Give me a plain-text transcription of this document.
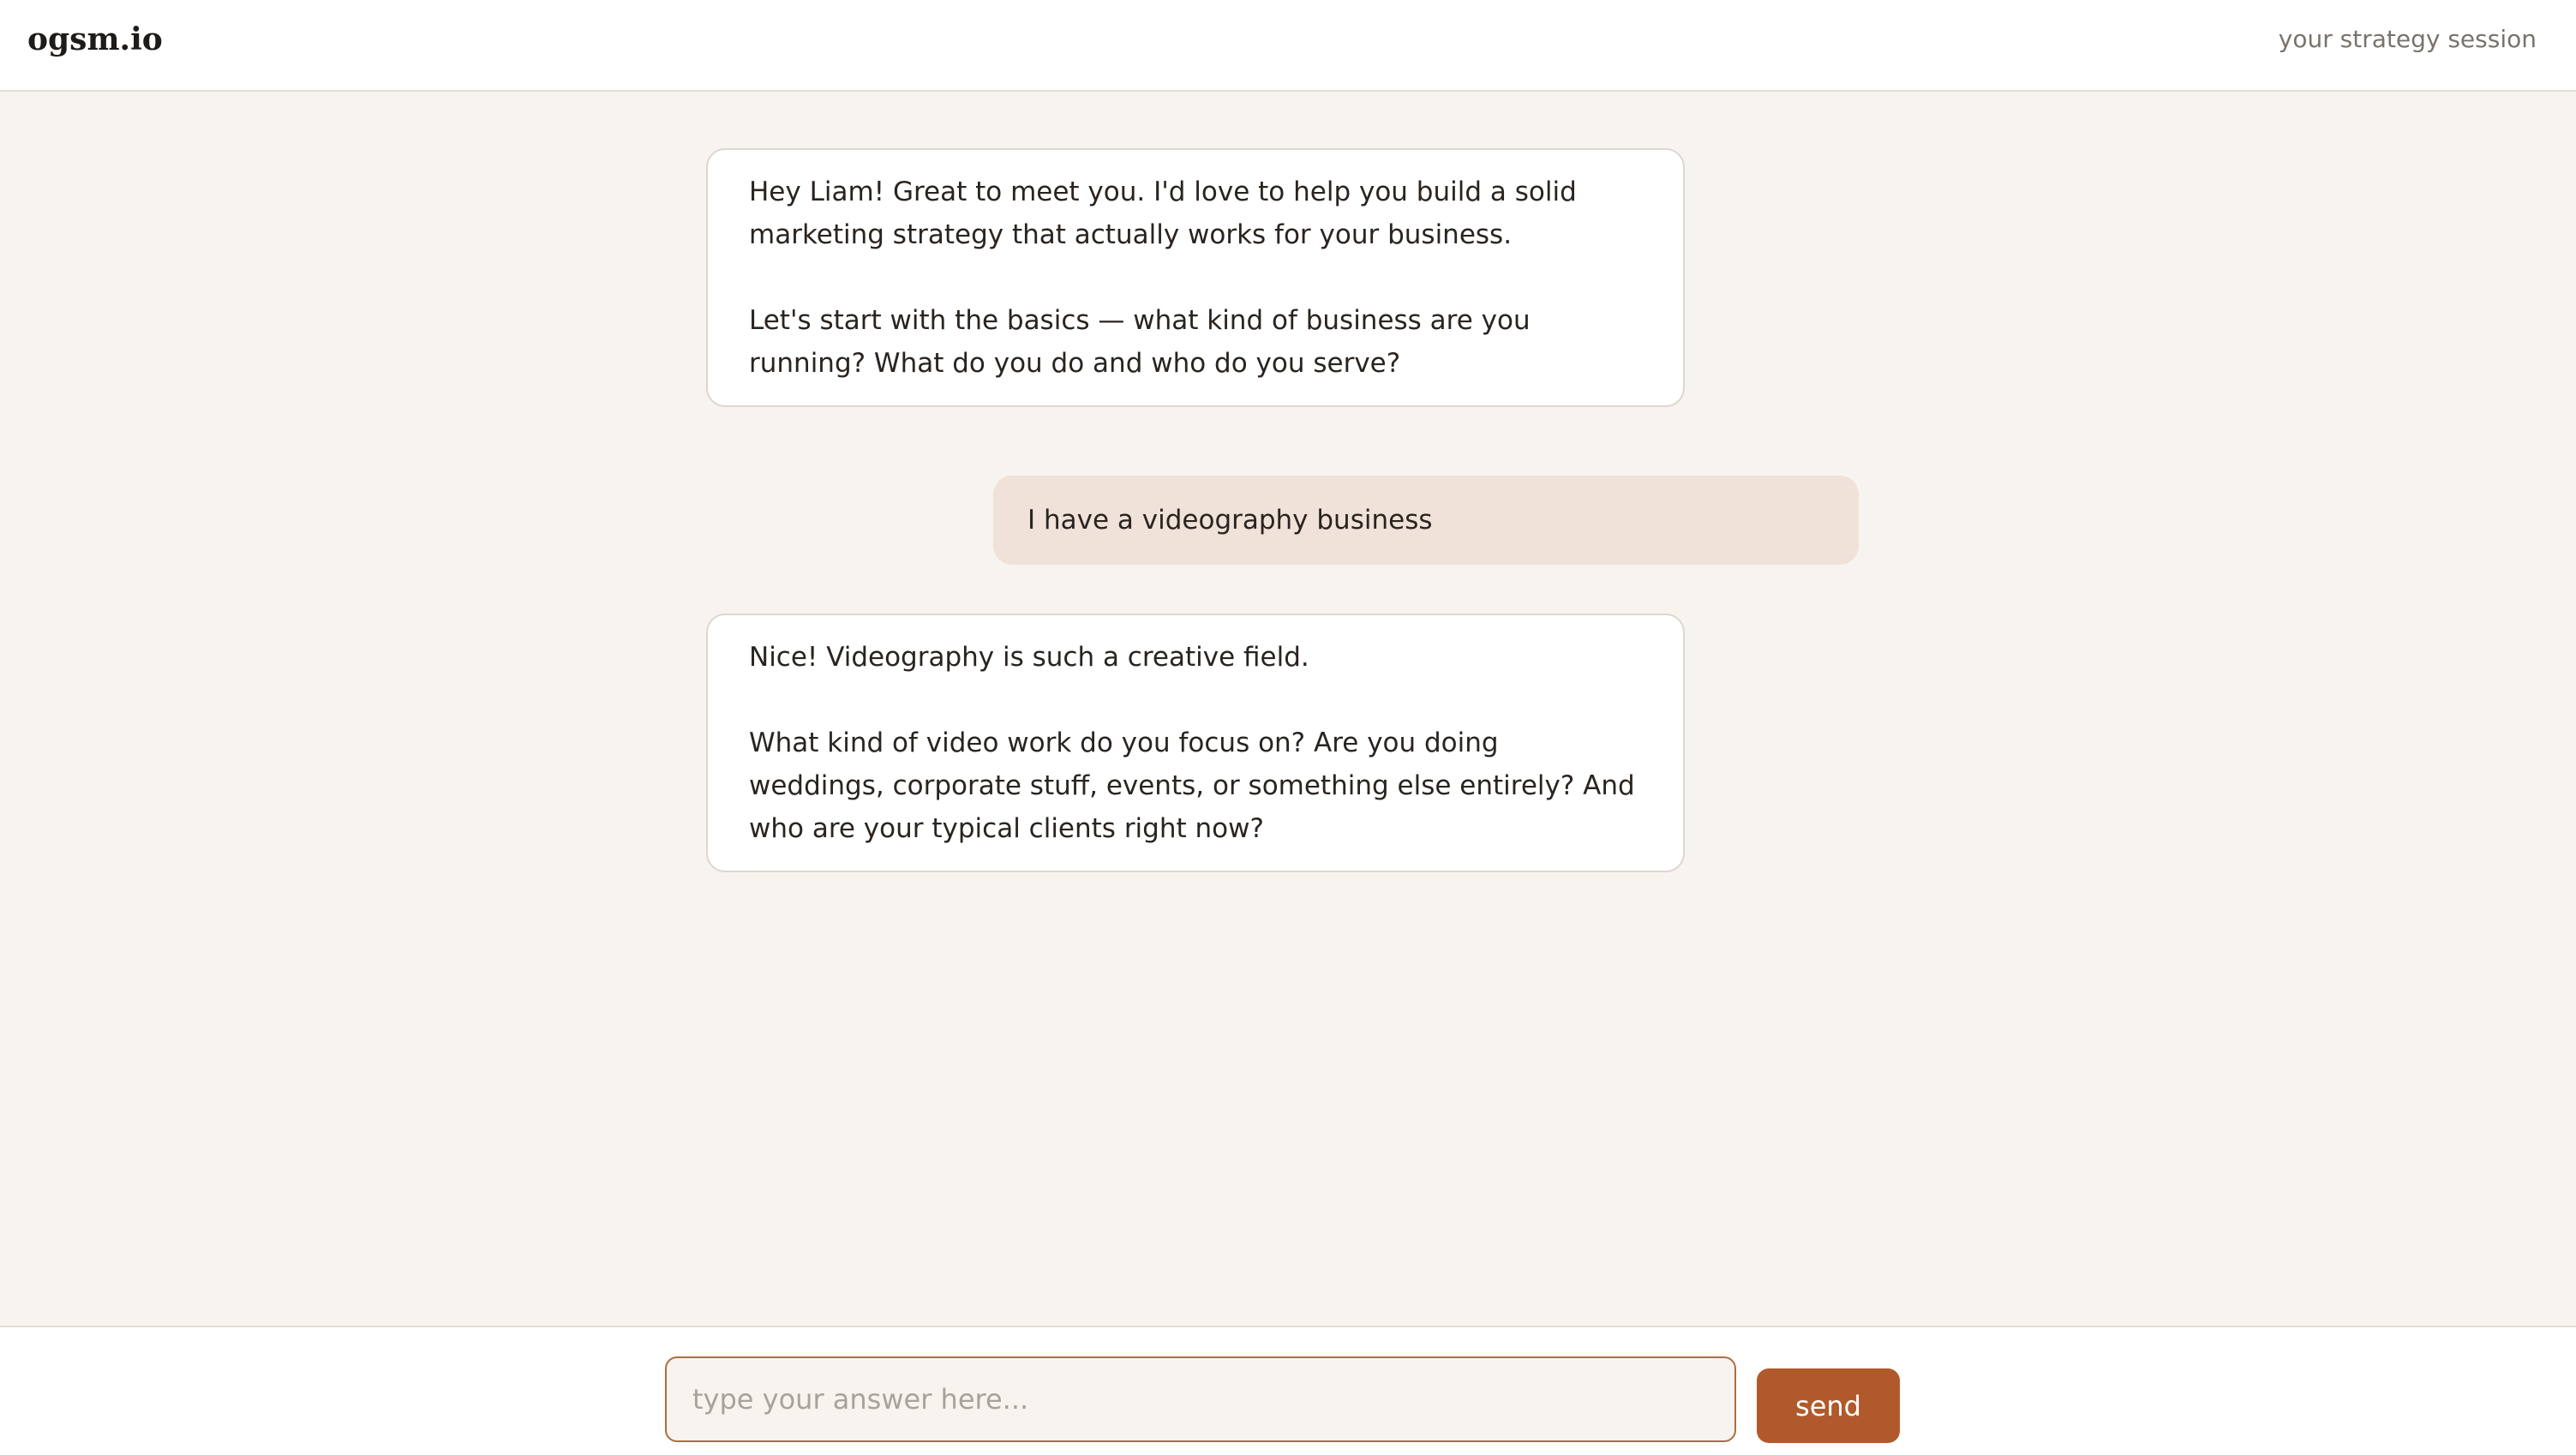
ogsm.io	your strategy session

Hey Liam! Great to meet you. I'd love to help you build a solid marketing strategy that actually works for your business.

Let's start with the basics — what kind of business are you running? What do you do and who do you serve?

I have a videography business

Nice! Videography is such a creative field.

What kind of video work do you focus on? Are you doing weddings, corporate stuff, events, or something else entirely? And who are your typical clients right now?

type your answer here...
send
